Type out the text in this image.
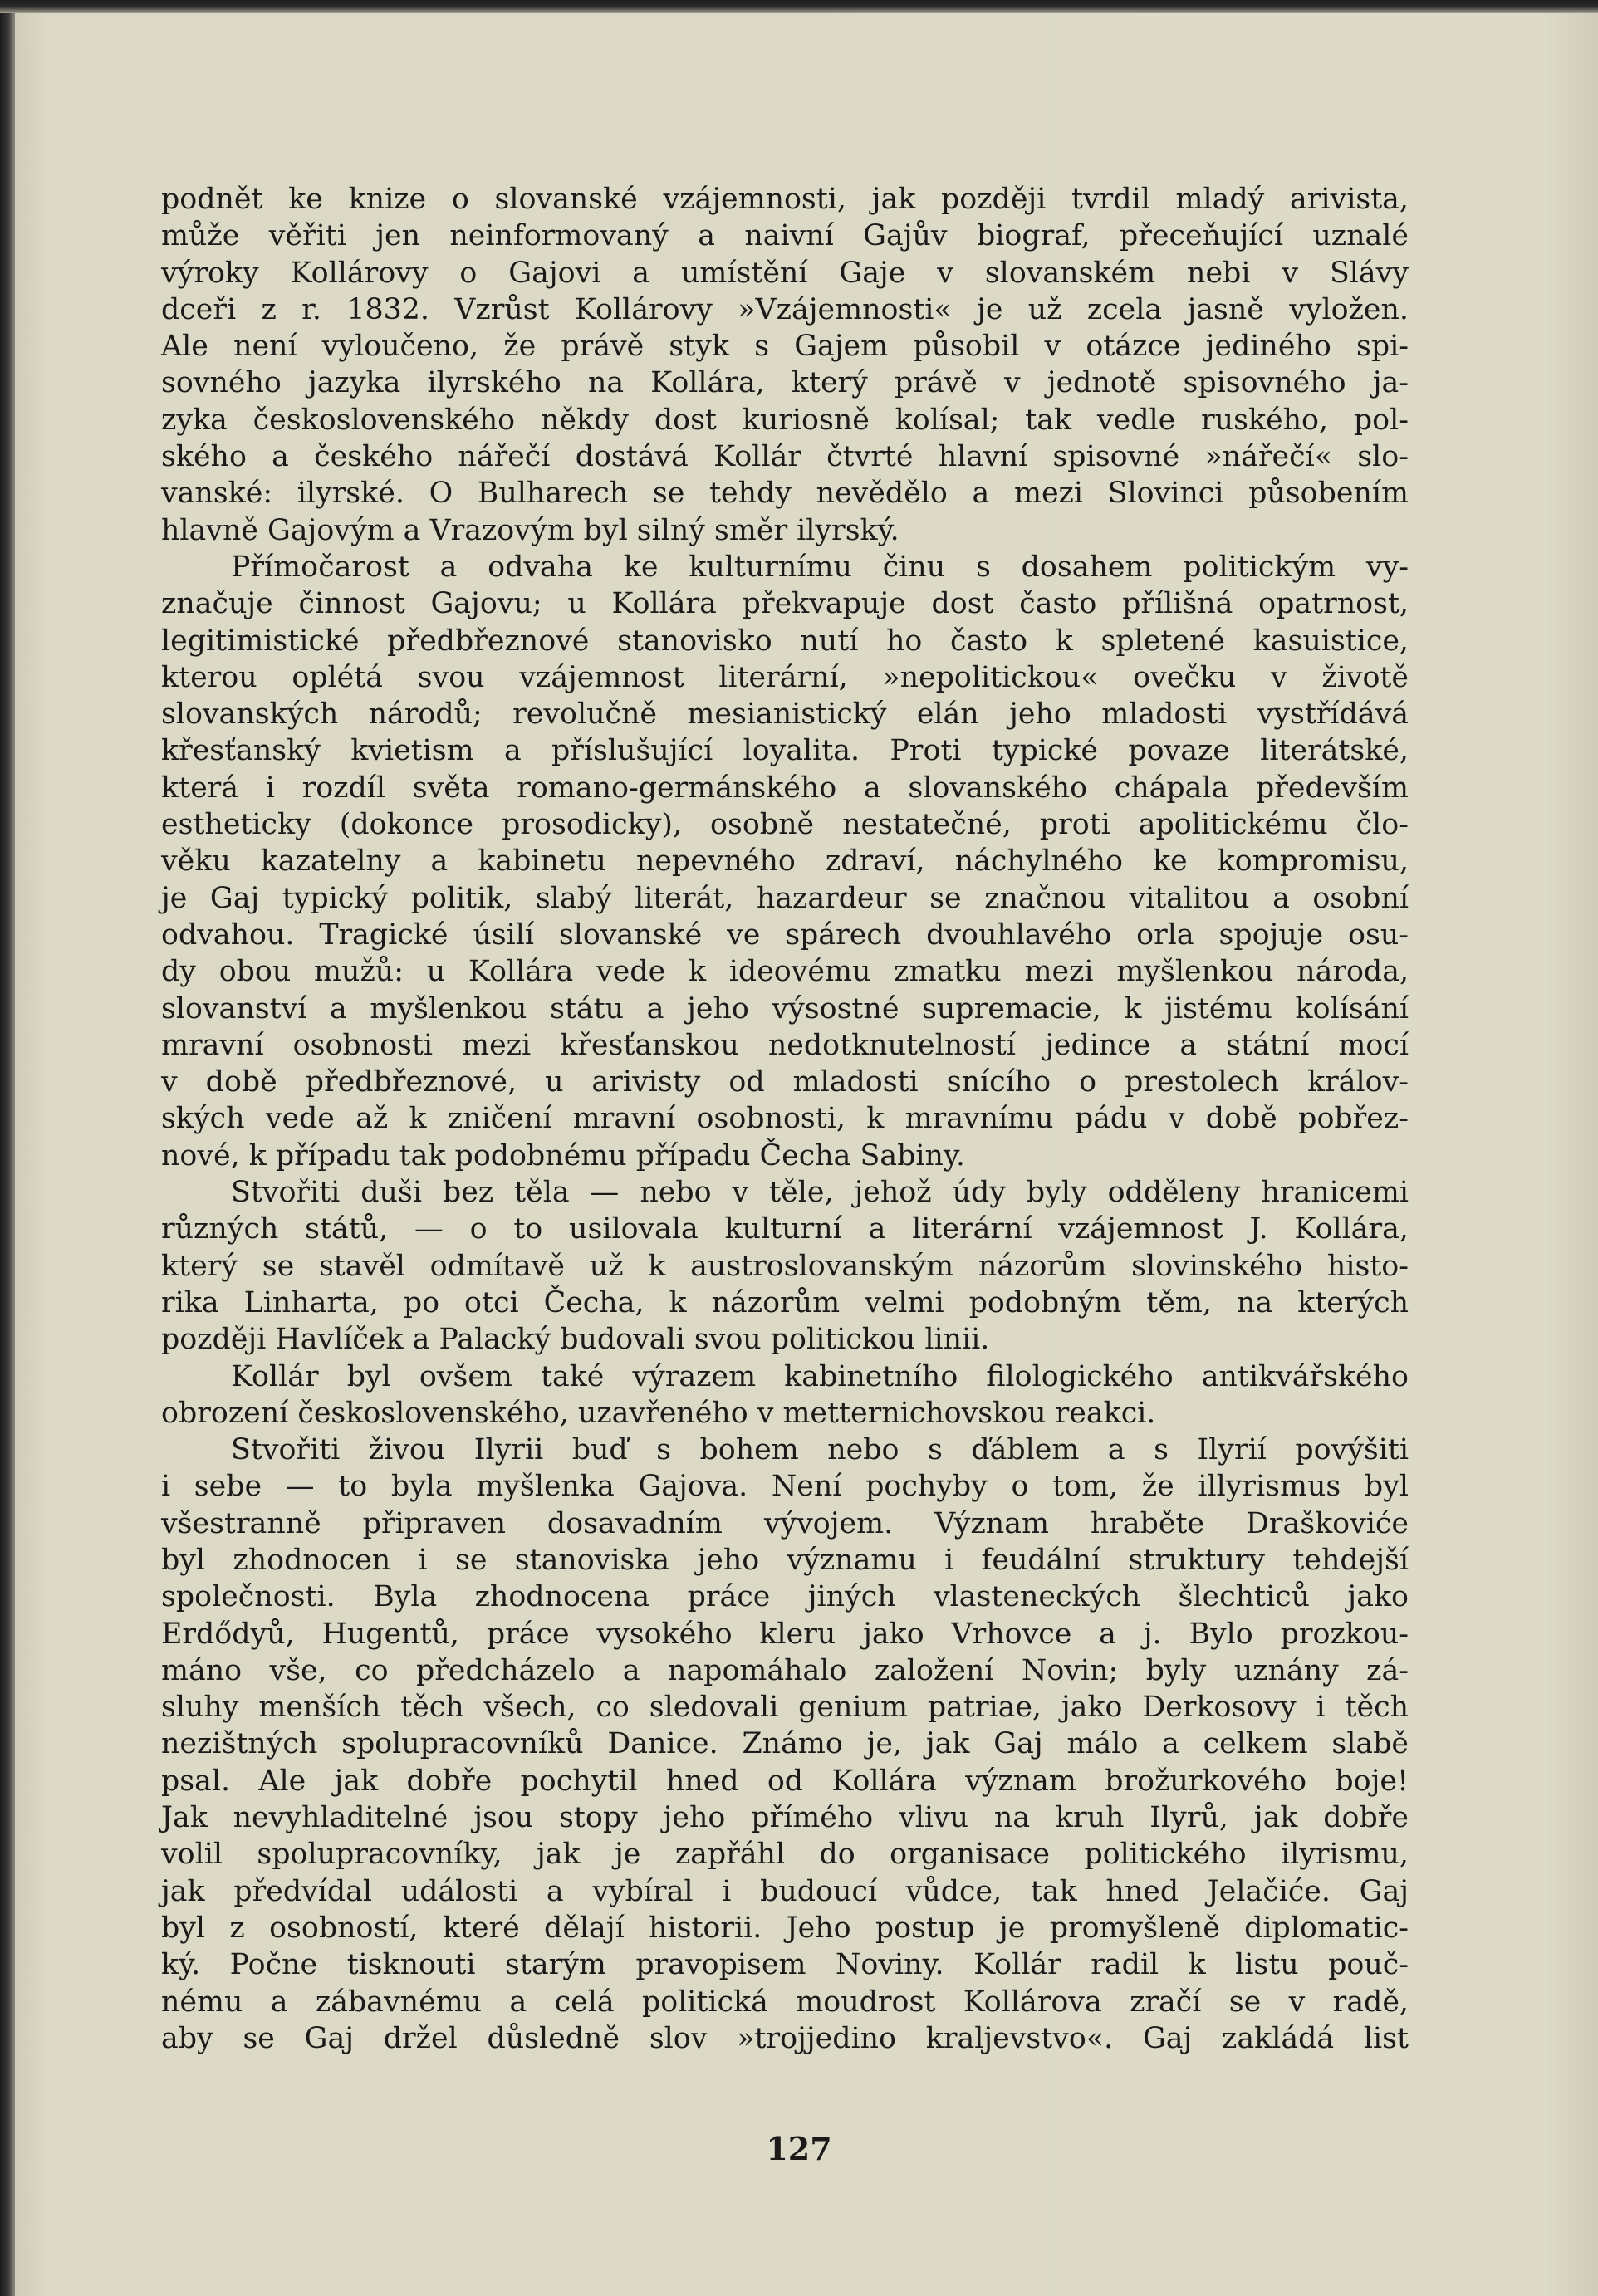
podnět ke knize o slovanské vzájemnosti, jak později tvrdil mladý arivista,
může věřiti jen neinformovaný a naivní Gajův biograf, přeceňující uznalé
výroky Kollárovy o Gajovi a umístění Gaje v slovanském nebi v Slávy
dceři z r. 1832. Vzrůst Kollárovy »Vzájemnosti« je už zcela jasně vyložen.
Ale není vyloučeno, že právě styk s Gajem působil v otázce jediného spi-
sovného jazyka ilyrského na Kollára, který právě v jednotě spisovného ja-
zyka československého někdy dost kuriosně kolísal; tak vedle ruského, pol-
ského a českého nářečí dostává Kollár čtvrté hlavní spisovné »nářečí« slo-
vanské: ilyrské. O Bulharech se tehdy nevědělo a mezi Slovinci působením
hlavně Gajovým a Vrazovým byl silný směr ilyrský.
Přímočarost a odvaha ke kulturnímu činu s dosahem politickým vy-
značuje činnost Gajovu; u Kollára překvapuje dost často přílišná opatrnost,
legitimistické předbřeznové stanovisko nutí ho často k spletené kasuistice,
kterou oplétá svou vzájemnost literární, »nepolitickou« ovečku v životě
slovanských národů; revolučně mesianistický elán jeho mladosti vystřídává
křesťanský kvietism a příslušující loyalita. Proti typické povaze literátské,
která i rozdíl světa romano-germánského a slovanského chápala především
estheticky (dokonce prosodicky), osobně nestatečné, proti apolitickému člo-
věku kazatelny a kabinetu nepevného zdraví, náchylného ke kompromisu,
je Gaj typický politik, slabý literát, hazardeur se značnou vitalitou a osobní
odvahou. Tragické úsilí slovanské ve spárech dvouhlavého orla spojuje osu-
dy obou mužů: u Kollára vede k ideovému zmatku mezi myšlenkou národa,
slovanství a myšlenkou státu a jeho výsostné supremacie, k jistému kolísání
mravní osobnosti mezi křesťanskou nedotknutelností jedince a státní mocí
v době předbřeznové, u arivisty od mladosti snícího o prestolech králov-
ských vede až k zničení mravní osobnosti, k mravnímu pádu v době pobřez-
nové, k případu tak podobnému případu Čecha Sabiny.
Stvořiti duši bez těla — nebo v těle, jehož údy byly odděleny hranicemi
různých států, — o to usilovala kulturní a literární vzájemnost J. Kollára,
který se stavěl odmítavě už k austroslovanským názorům slovinského histo-
rika Linharta, po otci Čecha, k názorům velmi podobným těm, na kterých
později Havlíček a Palacký budovali svou politickou linii.
Kollár byl ovšem také výrazem kabinetního filologického antikvářského
obrození československého, uzavřeného v metternichovskou reakci.
Stvořiti živou Ilyrii buď s bohem nebo s ďáblem a s Ilyrií povýšiti
i sebe — to byla myšlenka Gajova. Není pochyby o tom, že illyrismus byl
všestranně připraven dosavadním vývojem. Význam hraběte Draškoviće
byl zhodnocen i se stanoviska jeho významu i feudální struktury tehdejší
společnosti. Byla zhodnocena práce jiných vlasteneckých šlechticů jako
Erdődyů, Hugentů, práce vysokého kleru jako Vrhovce a j. Bylo prozkou-
máno vše, co předcházelo a napomáhalo založení Novin; byly uznány zá-
sluhy menších těch všech, co sledovali genium patriae, jako Derkosovy i těch
nezištných spolupracovníků Danice. Známo je, jak Gaj málo a celkem slabě
psal. Ale jak dobře pochytil hned od Kollára význam brožurkového boje!
Jak nevyhladitelné jsou stopy jeho přímého vlivu na kruh Ilyrů, jak dobře
volil spolupracovníky, jak je zapřáhl do organisace politického ilyrismu,
jak předvídal události a vybíral i budoucí vůdce, tak hned Jelačiće. Gaj
byl z osobností, které dělají historii. Jeho postup je promyšleně diplomatic-
ký. Počne tisknouti starým pravopisem Noviny. Kollár radil k listu pouč-
nému a zábavnému a celá politická moudrost Kollárova zračí se v radě,
aby se Gaj držel důsledně slov »trojjedino kraljevstvo«. Gaj zakládá list
127
